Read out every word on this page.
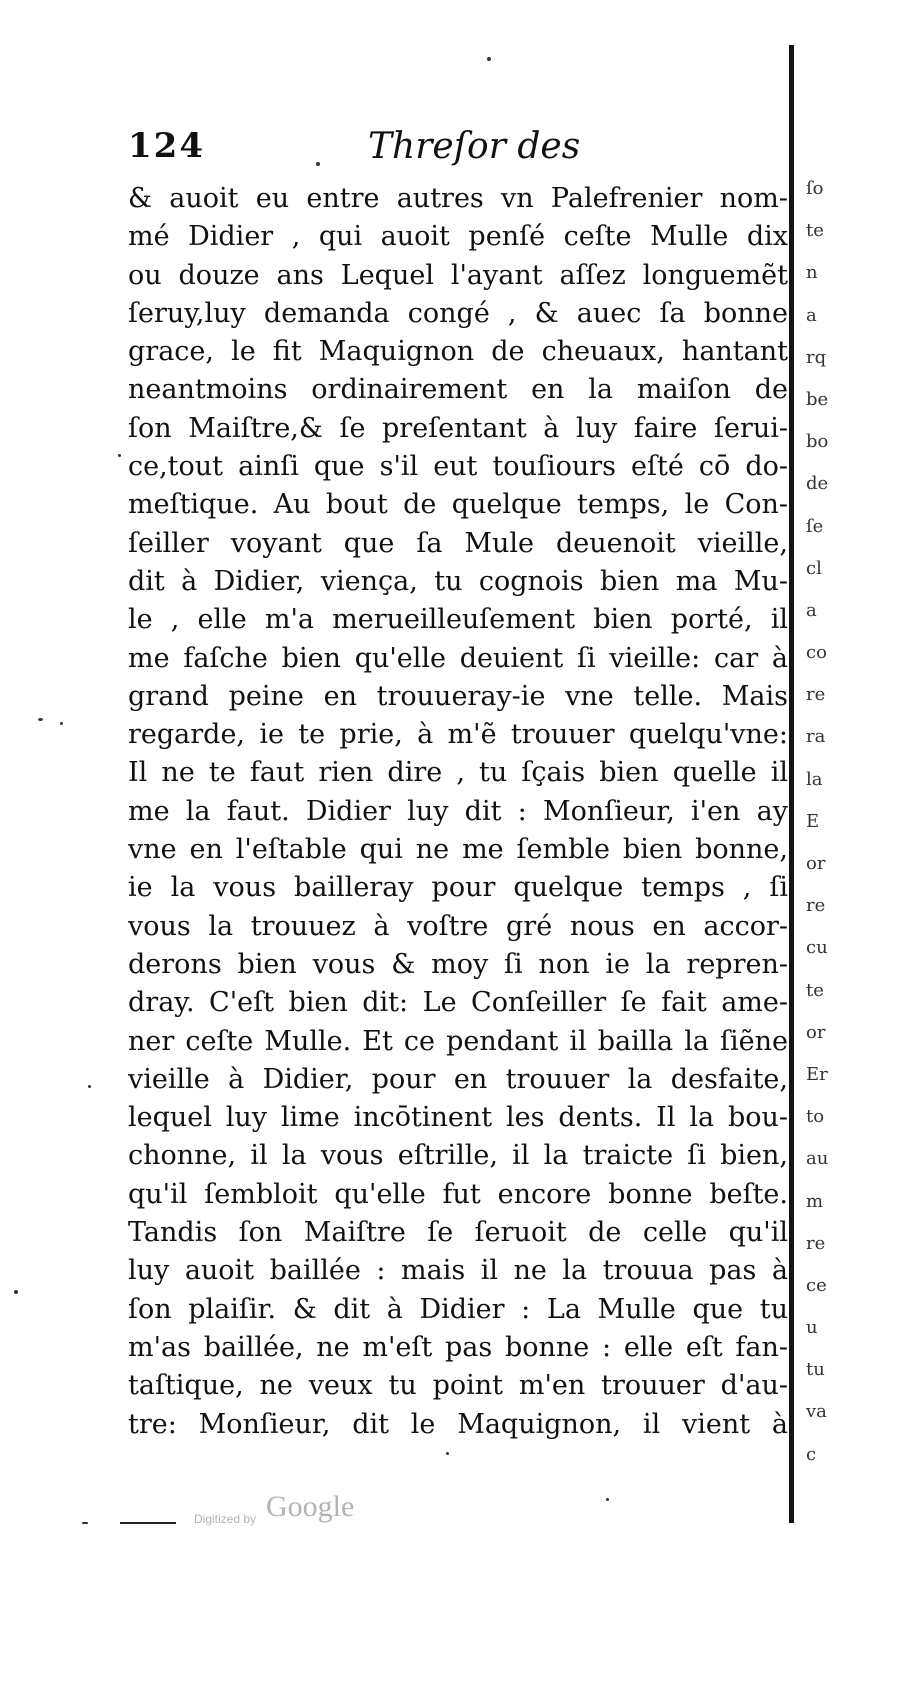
124	Threſor des
& auoit eu entre autres vn Palefrenier nom-
mé Didier , qui auoit penſé ceſte Mulle dix
ou douze ans Lequel l'ayant aſſez longuemẽt
ſeruy,luy demanda congé , & auec ſa bonne
grace, le fit Maquignon de cheuaux, hantant
neantmoins ordinairement en la maiſon de
ſon Maiſtre,& ſe preſentant à luy faire ſerui-
ce,tout ainſi que s'il eut touſiours eſté cō do-
meſtique. Au bout de quelque temps, le Con-
ſeiller voyant que ſa Mule deuenoit vieille,
dit à Didier, viença, tu cognois bien ma Mu-
le , elle m'a merueilleuſement bien porté, il
me faſche bien qu'elle deuient ſi vieille: car à
grand peine en trouueray-ie vne telle. Mais
regarde, ie te prie, à m'ẽ trouuer quelqu'vne:
Il ne te faut rien dire , tu ſçais bien quelle il
me la faut. Didier luy dit : Monſieur, i'en ay
vne en l'eſtable qui ne me ſemble bien bonne,
ie la vous bailleray pour quelque temps , ſi
vous la trouuez à voſtre gré nous en accor-
derons bien vous & moy ſi non ie la repren-
dray. C'eſt bien dit: Le Conſeiller ſe fait ame-
ner ceſte Mulle. Et ce pendant il bailla la ſiẽne
vieille à Didier, pour en trouuer la desfaite,
lequel luy lime incōtinent les dents. Il la bou-
chonne, il la vous eſtrille, il la traicte ſi bien,
qu'il ſembloit qu'elle fut encore bonne beſte.
Tandis ſon Maiſtre ſe ſeruoit de celle qu'il
luy auoit baillée : mais il ne la trouua pas à
ſon plaiſir. & dit à Didier : La Mulle que tu
m'as baillée, ne m'eſt pas bonne : elle eſt fan-
taſtique, ne veux tu point m'en trouuer d'au-
tre: Monſieur, dit le Maquignon, il vient à
ſo
te
n
a
rq
be
bo
de
ſe
cl
a
co
re
ra
la
E
or
re
cu
te
or
Er
to
au
m
re
ce
u
tu
va
c
Digitized by Google
